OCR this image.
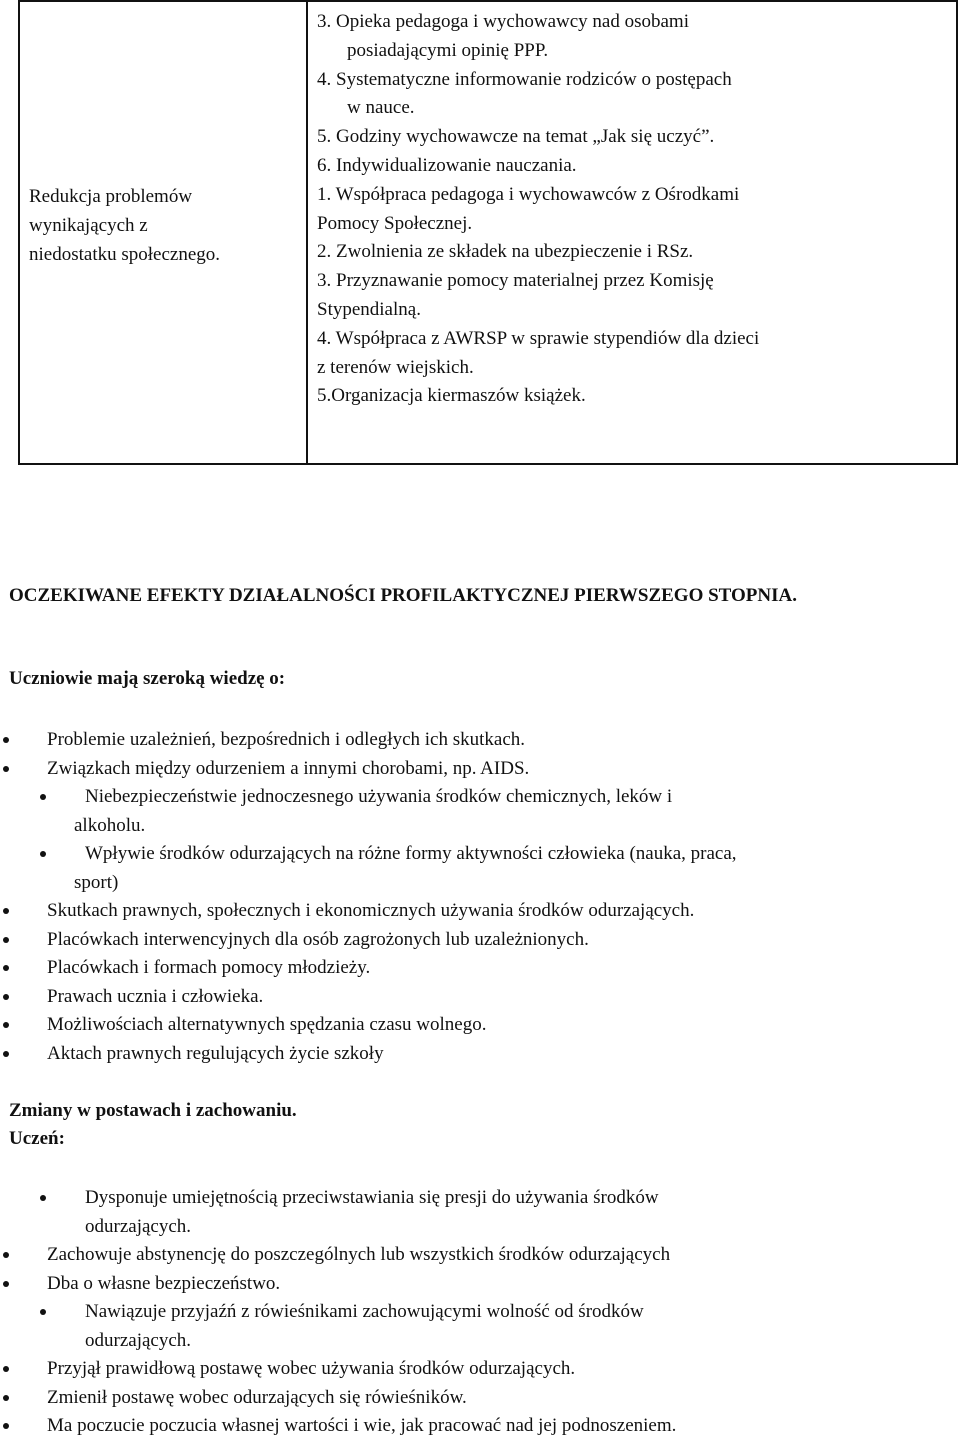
Redukcja problemów
wynikających z
niedostatku społecznego.

3. Opieka pedagoga i wychowawcy nad osobami
posiadającymi opinię PPP.
4. Systematyczne informowanie rodziców o postępach
w nauce.
5. Godziny wychowawcze na temat „Jak się uczyć”.
6. Indywidualizowanie nauczania.
1. Współpraca pedagoga i wychowawców z Ośrodkami
Pomocy Społecznej.
2. Zwolnienia ze składek na ubezpieczenie i RSz.
3. Przyznawanie pomocy materialnej przez Komisję
Stypendialną.
4. Współpraca z AWRSP w sprawie stypendiów dla dzieci
z terenów wiejskich.
5.Organizacja kiermaszów książek.
OCZEKIWANE EFEKTY DZIAŁALNOŚCI PROFILAKTYCZNEJ PIERWSZEGO STOPNIA.
Uczniowie mają szeroką wiedzę o:
Problemie uzależnień, bezpośrednich i odległych ich skutkach.
Związkach między odurzeniem a innymi chorobami, np. AIDS.
Niebezpieczeństwie jednoczesnego używania środków chemicznych, leków i
alkoholu.
Wpływie środków odurzających na różne formy aktywności człowieka (nauka, praca,
sport)
Skutkach prawnych, społecznych i ekonomicznych używania środków odurzających.
Placówkach interwencyjnych dla osób zagrożonych lub uzależnionych.
Placówkach i formach pomocy młodzieży.
Prawach ucznia i człowieka.
Możliwościach alternatywnych spędzania czasu wolnego.
Aktach prawnych regulujących życie szkoły
Zmiany w postawach i zachowaniu.
Uczeń:
Dysponuje umiejętnością przeciwstawiania się presji do używania środków
odurzających.
Zachowuje abstynencję do poszczególnych lub wszystkich środków odurzających
Dba o własne bezpieczeństwo.
Nawiązuje przyjaźń z rówieśnikami zachowującymi wolność od środków
odurzających.
Przyjął prawidłową postawę wobec używania środków odurzających.
Zmienił postawę wobec odurzających się rówieśników.
Ma poczucie poczucia własnej wartości i wie, jak pracować nad jej podnoszeniem.
